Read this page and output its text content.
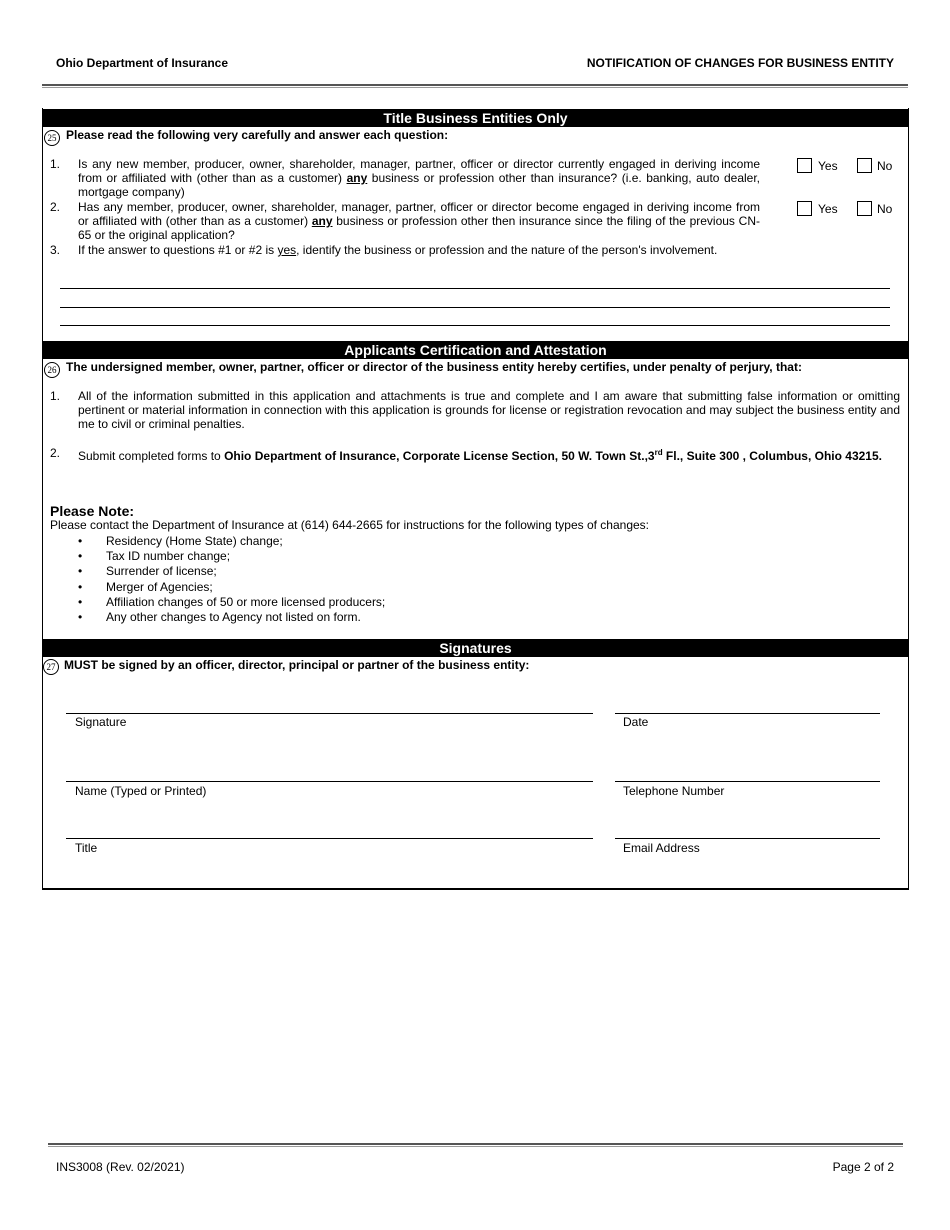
Ohio Department of Insurance	NOTIFICATION OF CHANGES FOR BUSINESS ENTITY
Title Business Entities Only
25 Please read the following very carefully and answer each question:
1. Is any new member, producer, owner, shareholder, manager, partner, officer or director currently engaged in deriving income from or affiliated with (other than as a customer) any business or profession other than insurance? (i.e. banking, auto dealer, mortgage company)
Yes	No
2. Has any member, producer, owner, shareholder, manager, partner, officer or director become engaged in deriving income from or affiliated with (other than as a customer) any business or profession other then insurance since the filing of the previous CN-65 or the original application?
Yes	No
3. If the answer to questions #1 or #2 is yes, identify the business or profession and the nature of the person's involvement.
Applicants Certification and Attestation
26 The undersigned member, owner, partner, officer or director of the business entity hereby certifies, under penalty of perjury, that:
1. All of the information submitted in this application and attachments is true and complete and I am aware that submitting false information or omitting pertinent or material information in connection with this application is grounds for license or registration revocation and may subject the business entity and me to civil or criminal penalties.
2. Submit completed forms to Ohio Department of Insurance, Corporate License Section, 50 W. Town St.,3rd Fl., Suite 300 , Columbus, Ohio 43215.
Please Note:
Please contact the Department of Insurance at (614) 644-2665 for instructions for the following types of changes:
• Residency (Home State) change;
• Tax ID number change;
• Surrender of license;
• Merger of Agencies;
• Affiliation changes of 50 or more licensed producers;
• Any other changes to Agency not listed on form.
Signatures
27 MUST be signed by an officer, director, principal or partner of the business entity:
Signature	Date
Name (Typed or Printed)	Telephone Number
Title	Email Address
INS3008 (Rev. 02/2021)	Page 2 of 2
